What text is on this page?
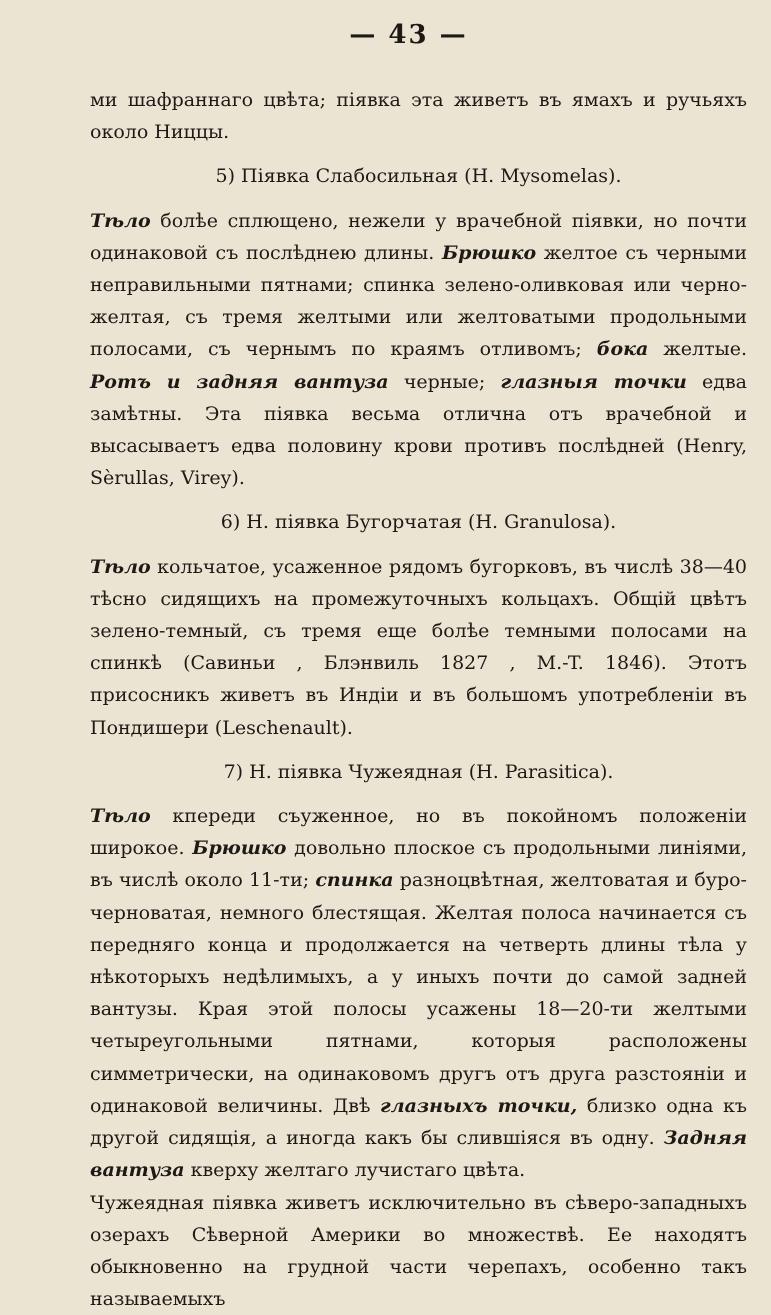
— 43 —

ми шафраннаго цвѣта; піявка эта живетъ въ ямахъ и ручьяхъ около Ниццы.

5) Піявка Слабосильная (H. Mysomelas).

Тѣло болѣе сплющено, нежели у врачебной піявки, но почти одинаковой съ послѣднею длины. Брюшко желтое съ черными неправильными пятнами; спинка зелено-оливковая или черно-желтая, съ тремя желтыми или желтоватыми продольными полосами, съ чернымъ по краямъ отливомъ; бока желтые. Ротъ и задняя вантуза черные; глазныя точки едва замѣтны. Эта піявка весьма отлична отъ врачебной и высасываетъ едва половину крови противъ послѣдней (Henry, Sèrullas, Virey).

6) H. піявка Бугорчатая (H. Granulosa).

Тѣло кольчатое, усаженное рядомъ бугорковъ, въ числѣ 38—40 тѣсно сидящихъ на промежуточныхъ кольцахъ. Общій цвѣтъ зелено-темный, съ тремя еще болѣе темными полосами на спинкѣ (Савиньи , Блэнвиль 1827 , M.-T. 1846). Этотъ присосникъ живетъ въ Индіи и въ большомъ употребленіи въ Пондишери (Leschenault).

7) H. піявка Чужеядная (H. Parasitica).

Тѣло кпереди съуженное, но въ покойномъ положеніи широкое. Брюшко довольно плоское съ продольными линіями, въ числѣ около 11-ти; спинка разноцвѣтная, желтоватая и буро-черноватая, немного блестящая. Желтая полоса начинается съ передняго конца и продолжается на четверть длины тѣла у нѣкоторыхъ недѣлимыхъ, а у иныхъ почти до самой задней вантузы. Края этой полосы усажены 18—20-ти желтыми четыреугольными пятнами, которыя расположены симметрически, на одинаковомъ другъ отъ друга разстояніи и одинаковой величины. Двѣ глазныхъ точки, близко одна къ другой сидящія, а иногда какъ бы слившіяся въ одну. Задняя вантуза кверху желтаго лучистаго цвѣта.

Чужеядная піявка живетъ исключительно въ сѣверо-западныхъ озерахъ Сѣверной Америки во множествѣ. Ее находятъ обыкновенно на грудной части черепахъ, особенно такъ называемыхъ
